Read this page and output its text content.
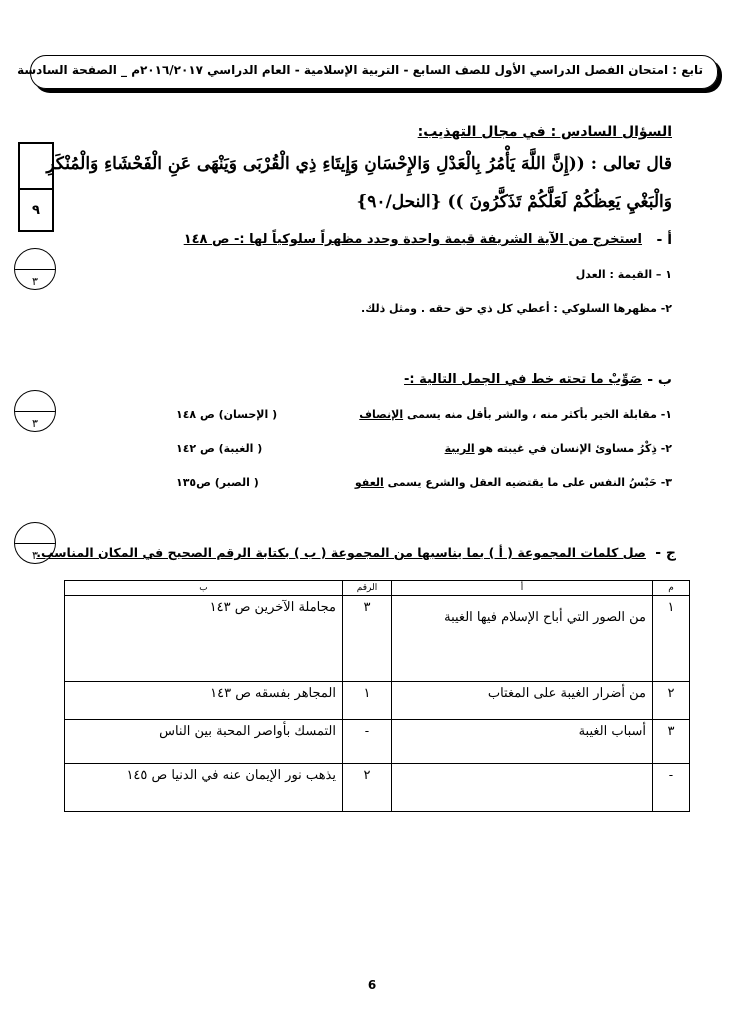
تابع : امتحان الفصل الدراسي الأول للصف السابع - التربية الإسلامية - العام الدراسي ٢٠١٦/٢٠١٧م _ الصفحة السادسة
السؤال السادس : في مجال التهذيب:
٩
قال تعالى : ((إِنَّ اللَّهَ يَأْمُرُ بِالْعَدْلِ وَالإِحْسَانِ وَإِيتَاءِ ذِي الْقُرْبَى وَيَنْهَى عَنِ الْفَحْشَاءِ وَالْمُنْكَرِ
وَالْبَغْيِ يَعِظُكُمْ لَعَلَّكُمْ تَذَكَّرُونَ )) {النحل/٩٠}
٣
أ -
استخرج من الآية الشريفة قيمة واحدة وحدد مظهراً سلوكياً لها :- ص ١٤٨
١ – القيمة : العدل
٢- مظهرها السلوكي : أعطي كل ذي حق حقه . ومثل ذلك.
٣
ب -
صَوِّبْ ما تحته خط في الجمل التالية :-
١- مقابلة الخير بأكثر منه ، والشر بأقل منه يسمى الإنصاف
( الإحسان) ص ١٤٨
٢- ذِكْرُ مساوئ الإنسان في غيبته هو الريبة
( الغيبة) ص ١٤٢
٣- حَبْسُ النفس على ما يقتضيه العقل والشرع يسمى العفو
( الصبر) ص١٣٥
٣	ج -
صل كلمات المجموعة ( أ ) بما يناسبها من المجموعة ( ب ) بكتابة الرقم الصحيح في المكان المناسب.
م	أ	الرقم	ب
١	من الصور التي أباح الإسلام فيها الغيبة	٣	مجاملة الآخرين ص ١٤٣
٢	من أضرار الغيبة على المغتاب	١	المجاهر بفسقه ص ١٤٣
٣	أسباب الغيبة	-	التمسك بأواصر المحبة بين الناس
-		٢	يذهب نور الإيمان عنه في الدنيا ص ١٤٥
6
